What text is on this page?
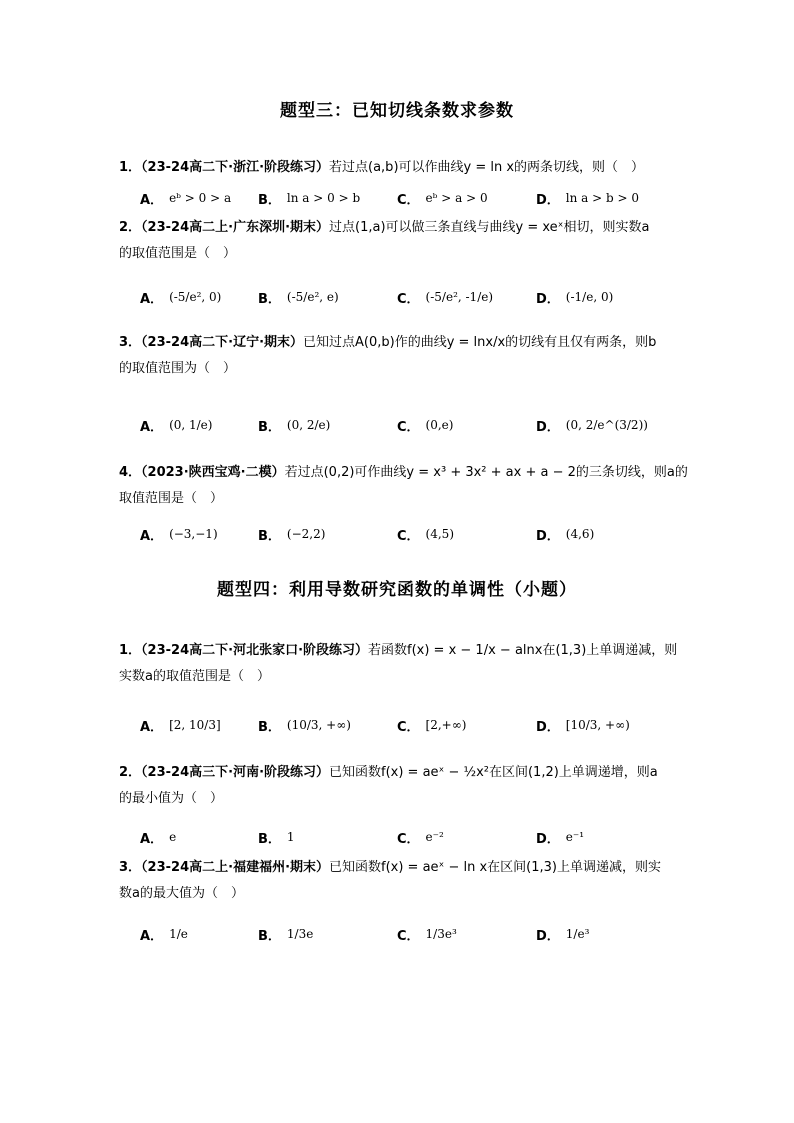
题型三：已知切线条数求参数
1．（23-24高二下·浙江·阶段练习）若过点(a,b)可以作曲线y = ln x的两条切线，则（　）
A． eᵇ > 0 > a B． ln a > 0 > b	C． eᵇ > a > 0	D． ln a > b > 0
2．（23-24高二上·广东深圳·期末）过点(1,a)可以做三条直线与曲线y = xeˣ相切，则实数a
的取值范围是（　）
A． (-5/e², 0)	B． (-5/e², e)	C． (-5/e², -1/e)	D． (-1/e, 0)
3．（23-24高二下·辽宁·期末）已知过点A(0,b)作的曲线y = lnx/x的切线有且仅有两条，则b
的取值范围为（　）
A． (0, 1/e)	B． (0, 2/e)	C． (0,e)	D． (0, 2/e^(3/2))
4．（2023·陕西宝鸡·二模）若过点(0,2)可作曲线y = x³ + 3x² + ax + a − 2的三条切线，则a的
取值范围是（　）
A． (−3,−1)	B． (−2,2)	C． (4,5)	D． (4,6)
题型四：利用导数研究函数的单调性（小题）
1．（23-24高二下·河北张家口·阶段练习）若函数f(x) = x − 1/x − alnx在(1,3)上单调递减，则
实数a的取值范围是（　）
A． [2, 10/3]	B． (10/3, +∞)	C． [2,+∞)	D． [10/3, +∞)
2．（23-24高三下·河南·阶段练习）已知函数f(x) = aeˣ − ½x²在区间(1,2)上单调递增，则a
的最小值为（　）
A． e	B． 1	C． e⁻²	D． e⁻¹
3．（23-24高二上·福建福州·期末）已知函数f(x) = aeˣ − ln x在区间(1,3)上单调递减，则实
数a的最大值为（　）
A． 1/e	B． 1/3e	C． 1/3e³	D． 1/e³
